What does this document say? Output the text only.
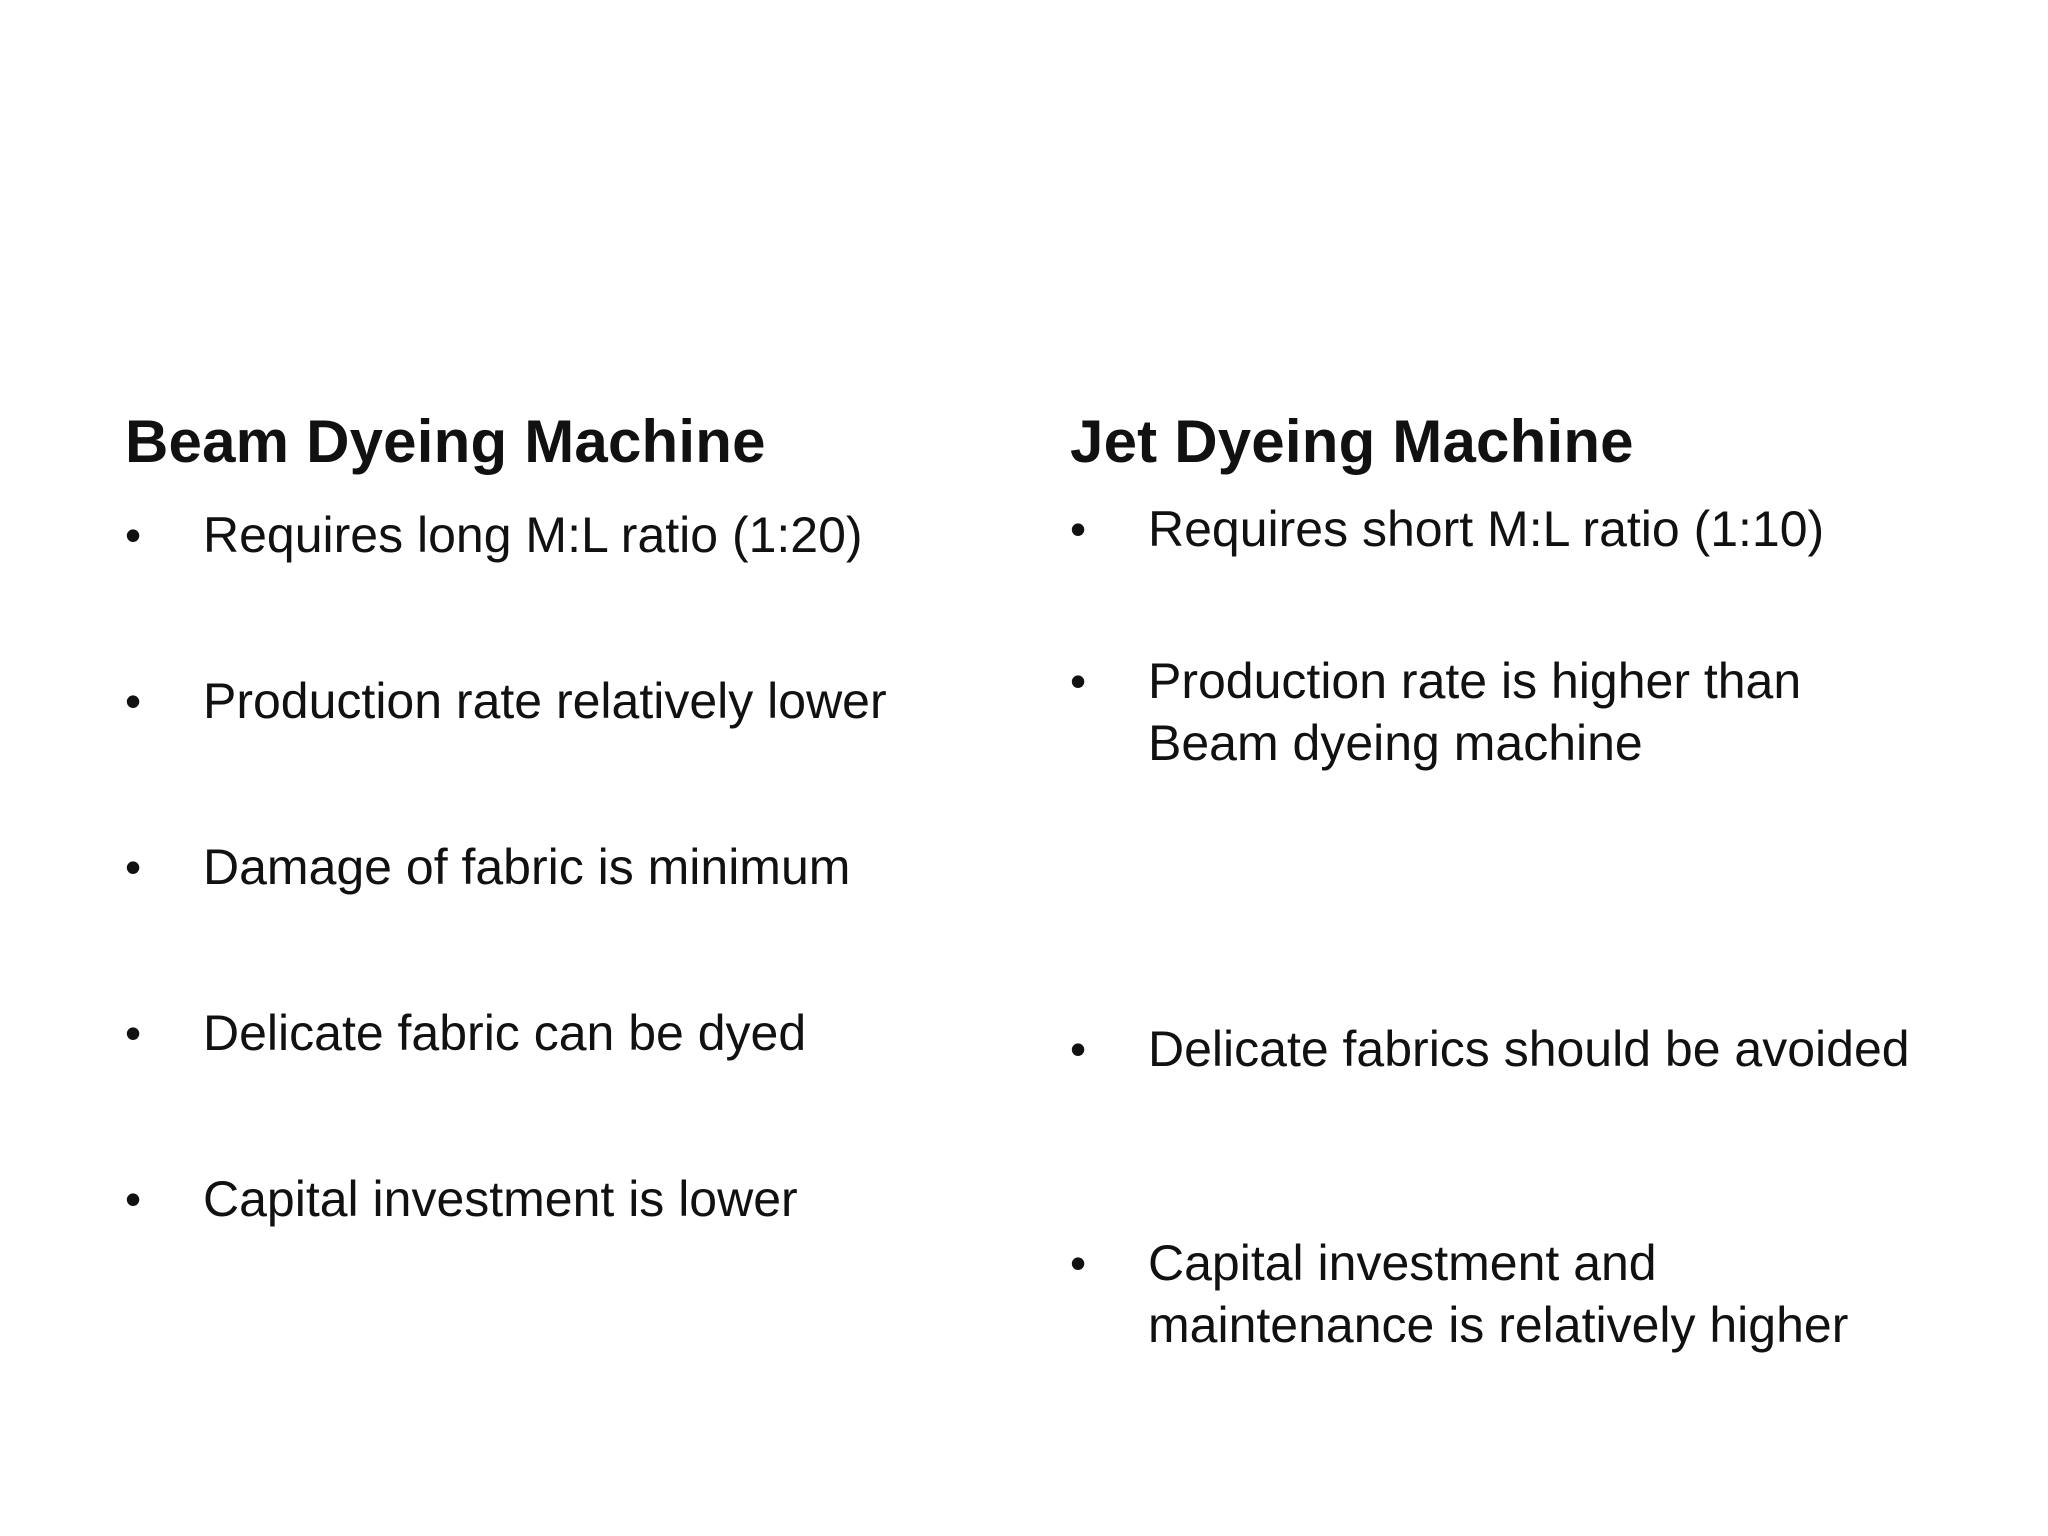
Beam Dyeing Machine
• Requires long M:L ratio (1:20)
• Production rate relatively lower
• Damage of fabric is minimum
• Delicate fabric can be dyed
• Capital investment is lower
Jet Dyeing Machine
• Requires short M:L ratio (1:10)
• Production rate is higher than Beam dyeing machine
• Delicate fabrics should be avoided
• Capital investment and maintenance is relatively higher
